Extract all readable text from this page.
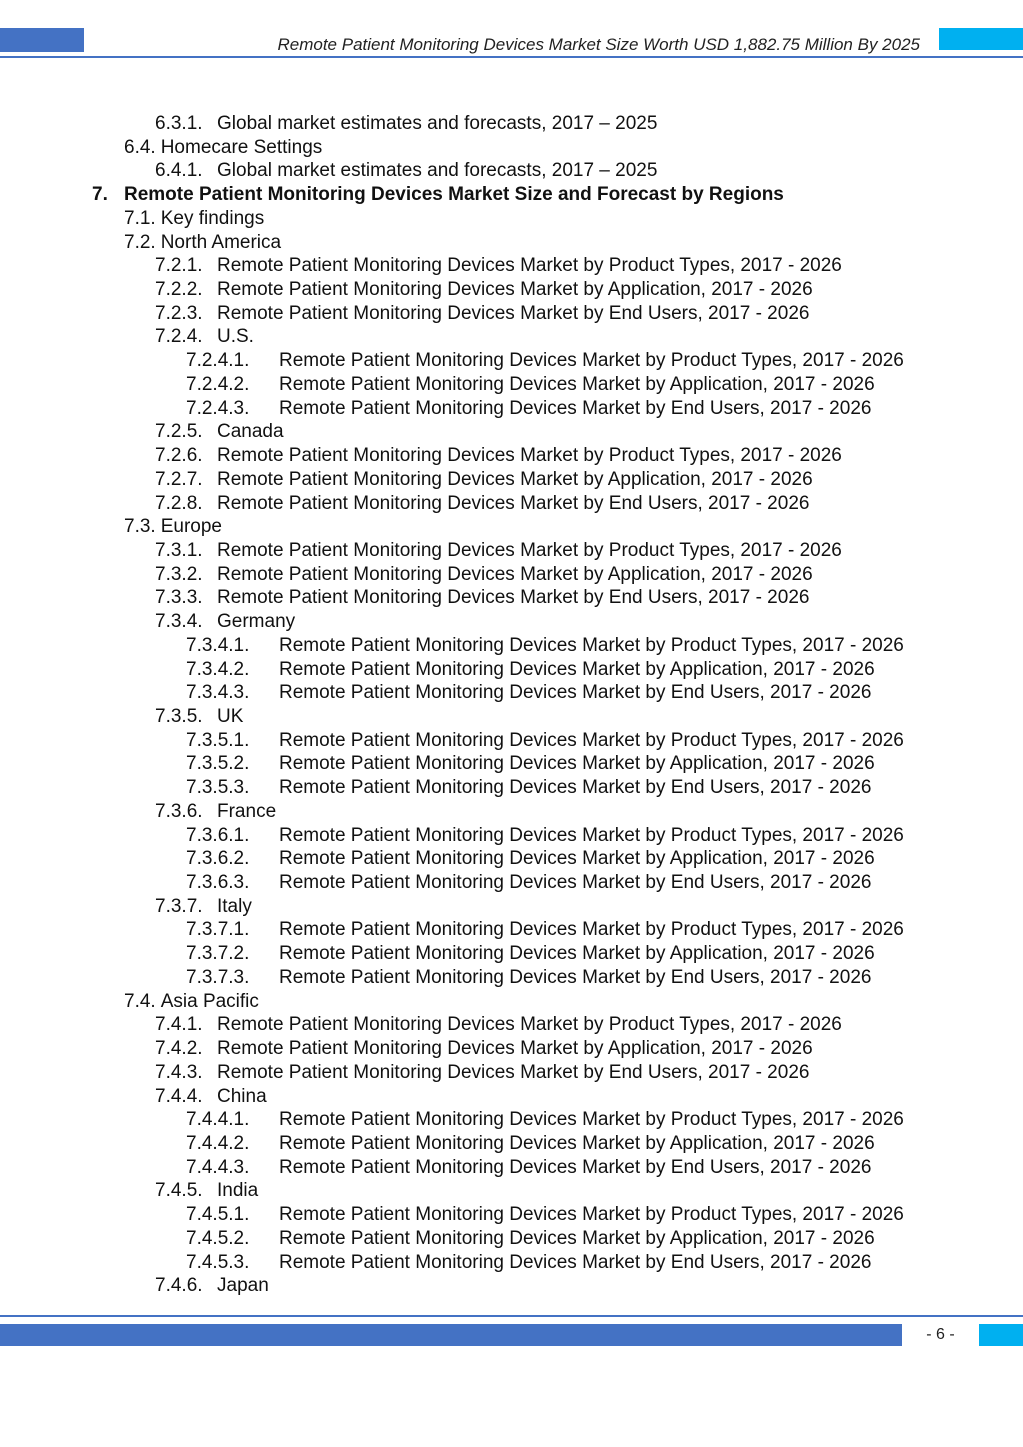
Remote Patient Monitoring Devices Market Size Worth USD 1,882.75 Million By 2025
6.3.1. Global market estimates and forecasts, 2017 – 2025
6.4. Homecare Settings
6.4.1. Global market estimates and forecasts, 2017 – 2025
7. Remote Patient Monitoring Devices Market Size and Forecast by Regions
7.1. Key findings
7.2. North America
7.2.1. Remote Patient Monitoring Devices Market by Product Types, 2017 - 2026
7.2.2. Remote Patient Monitoring Devices Market by Application, 2017 - 2026
7.2.3. Remote Patient Monitoring Devices Market by End Users, 2017 - 2026
7.2.4. U.S.
7.2.4.1. Remote Patient Monitoring Devices Market by Product Types, 2017 - 2026
7.2.4.2. Remote Patient Monitoring Devices Market by Application, 2017 - 2026
7.2.4.3. Remote Patient Monitoring Devices Market by End Users, 2017 - 2026
7.2.5. Canada
7.2.6. Remote Patient Monitoring Devices Market by Product Types, 2017 - 2026
7.2.7. Remote Patient Monitoring Devices Market by Application, 2017 - 2026
7.2.8. Remote Patient Monitoring Devices Market by End Users, 2017 - 2026
7.3. Europe
7.3.1. Remote Patient Monitoring Devices Market by Product Types, 2017 - 2026
7.3.2. Remote Patient Monitoring Devices Market by Application, 2017 - 2026
7.3.3. Remote Patient Monitoring Devices Market by End Users, 2017 - 2026
7.3.4. Germany
7.3.4.1. Remote Patient Monitoring Devices Market by Product Types, 2017 - 2026
7.3.4.2. Remote Patient Monitoring Devices Market by Application, 2017 - 2026
7.3.4.3. Remote Patient Monitoring Devices Market by End Users, 2017 - 2026
7.3.5. UK
7.3.5.1. Remote Patient Monitoring Devices Market by Product Types, 2017 - 2026
7.3.5.2. Remote Patient Monitoring Devices Market by Application, 2017 - 2026
7.3.5.3. Remote Patient Monitoring Devices Market by End Users, 2017 - 2026
7.3.6. France
7.3.6.1. Remote Patient Monitoring Devices Market by Product Types, 2017 - 2026
7.3.6.2. Remote Patient Monitoring Devices Market by Application, 2017 - 2026
7.3.6.3. Remote Patient Monitoring Devices Market by End Users, 2017 - 2026
7.3.7. Italy
7.3.7.1. Remote Patient Monitoring Devices Market by Product Types, 2017 - 2026
7.3.7.2. Remote Patient Monitoring Devices Market by Application, 2017 - 2026
7.3.7.3. Remote Patient Monitoring Devices Market by End Users, 2017 - 2026
7.4. Asia Pacific
7.4.1. Remote Patient Monitoring Devices Market by Product Types, 2017 - 2026
7.4.2. Remote Patient Monitoring Devices Market by Application, 2017 - 2026
7.4.3. Remote Patient Monitoring Devices Market by End Users, 2017 - 2026
7.4.4. China
7.4.4.1. Remote Patient Monitoring Devices Market by Product Types, 2017 - 2026
7.4.4.2. Remote Patient Monitoring Devices Market by Application, 2017 - 2026
7.4.4.3. Remote Patient Monitoring Devices Market by End Users, 2017 - 2026
7.4.5. India
7.4.5.1. Remote Patient Monitoring Devices Market by Product Types, 2017 - 2026
7.4.5.2. Remote Patient Monitoring Devices Market by Application, 2017 - 2026
7.4.5.3. Remote Patient Monitoring Devices Market by End Users, 2017 - 2026
7.4.6. Japan
- 6 -
